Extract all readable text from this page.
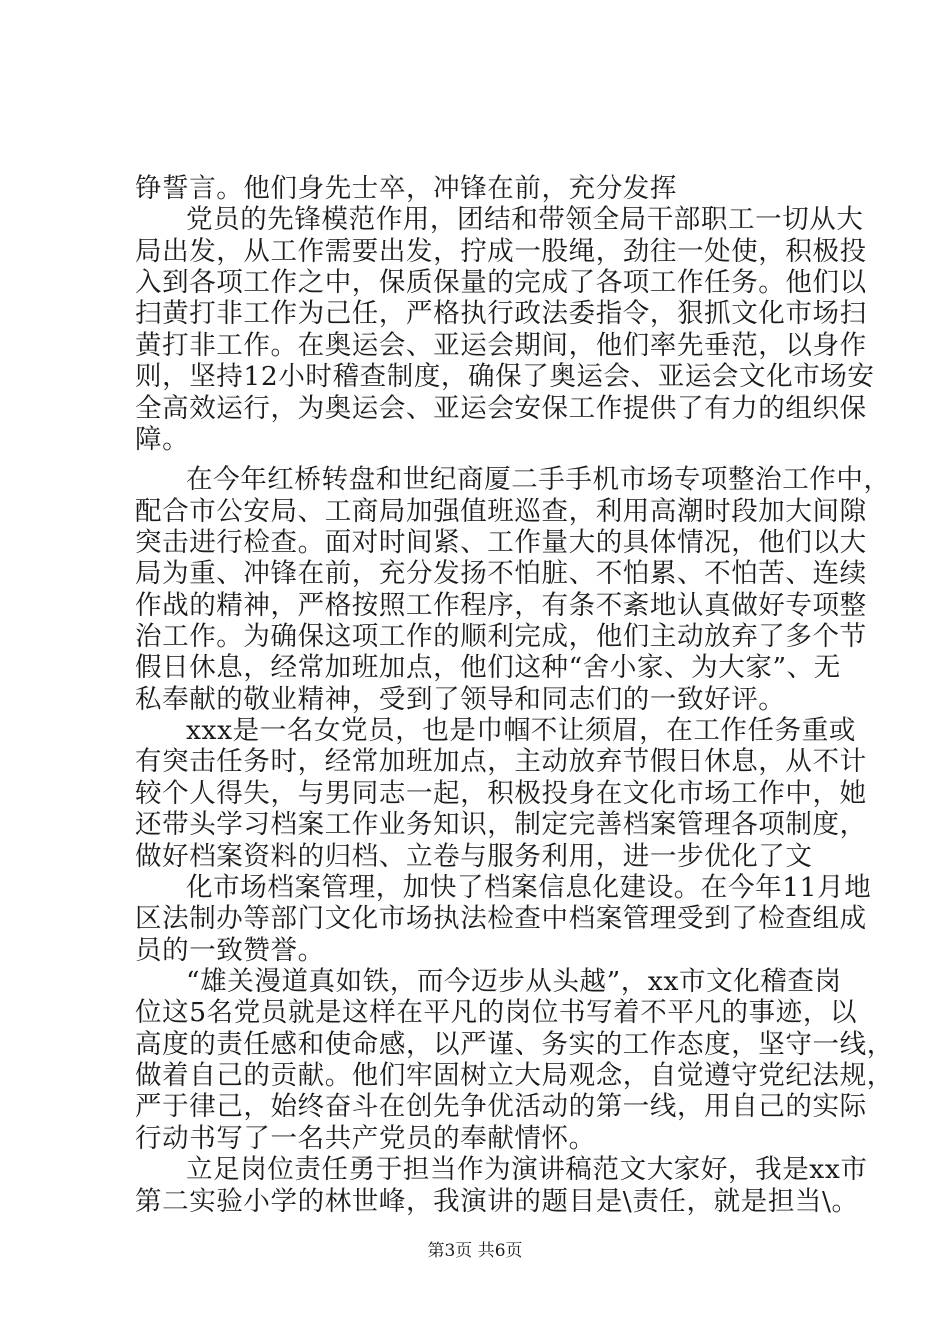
第3页 共6页
铮誓言。他们身先士卒，冲锋在前，充分发挥
党员的先锋模范作用，团结和带领全局干部职工一切从大
局出发，从工作需要出发，拧成一股绳，劲往一处使，积极投
入到各项工作之中，保质保量的完成了各项工作任务。他们以
扫黄打非工作为己任，严格执行政法委指令，狠抓文化市场扫
黄打非工作。在奥运会、亚运会期间，他们率先垂范，以身作
则，坚持12小时稽查制度，确保了奥运会、亚运会文化市场安
全高效运行，为奥运会、亚运会安保工作提供了有力的组织保
障。
在今年红桥转盘和世纪商厦二手手机市场专项整治工作中，
配合市公安局、工商局加强值班巡查，利用高潮时段加大间隙
突击进行检查。面对时间紧、工作量大的具体情况，他们以大
局为重、冲锋在前，充分发扬不怕脏、不怕累、不怕苦、连续
作战的精神，严格按照工作程序，有条不紊地认真做好专项整
治工作。为确保这项工作的顺利完成，他们主动放弃了多个节
假日休息，经常加班加点，他们这种“舍小家、为大家”、无
私奉献的敬业精神，受到了领导和同志们的一致好评。
xxx是一名女党员，也是巾帼不让须眉，在工作任务重或
有突击任务时，经常加班加点，主动放弃节假日休息，从不计
较个人得失，与男同志一起，积极投身在文化市场工作中，她
还带头学习档案工作业务知识，制定完善档案管理各项制度，
做好档案资料的归档、立卷与服务利用，进一步优化了文
化市场档案管理，加快了档案信息化建设。在今年11月地
区法制办等部门文化市场执法检查中档案管理受到了检查组成
员的一致赞誉。
“雄关漫道真如铁，而今迈步从头越”，xx市文化稽查岗
位这5名党员就是这样在平凡的岗位书写着不平凡的事迹，以
高度的责任感和使命感，以严谨、务实的工作态度，坚守一线，
做着自己的贡献。他们牢固树立大局观念，自觉遵守党纪法规，
严于律己，始终奋斗在创先争优活动的第一线，用自己的实际
行动书写了一名共产党员的奉献情怀。
立足岗位责任勇于担当作为演讲稿范文大家好，我是xx市
第二实验小学的林世峰，我演讲的题目是\责任，就是担当\。
